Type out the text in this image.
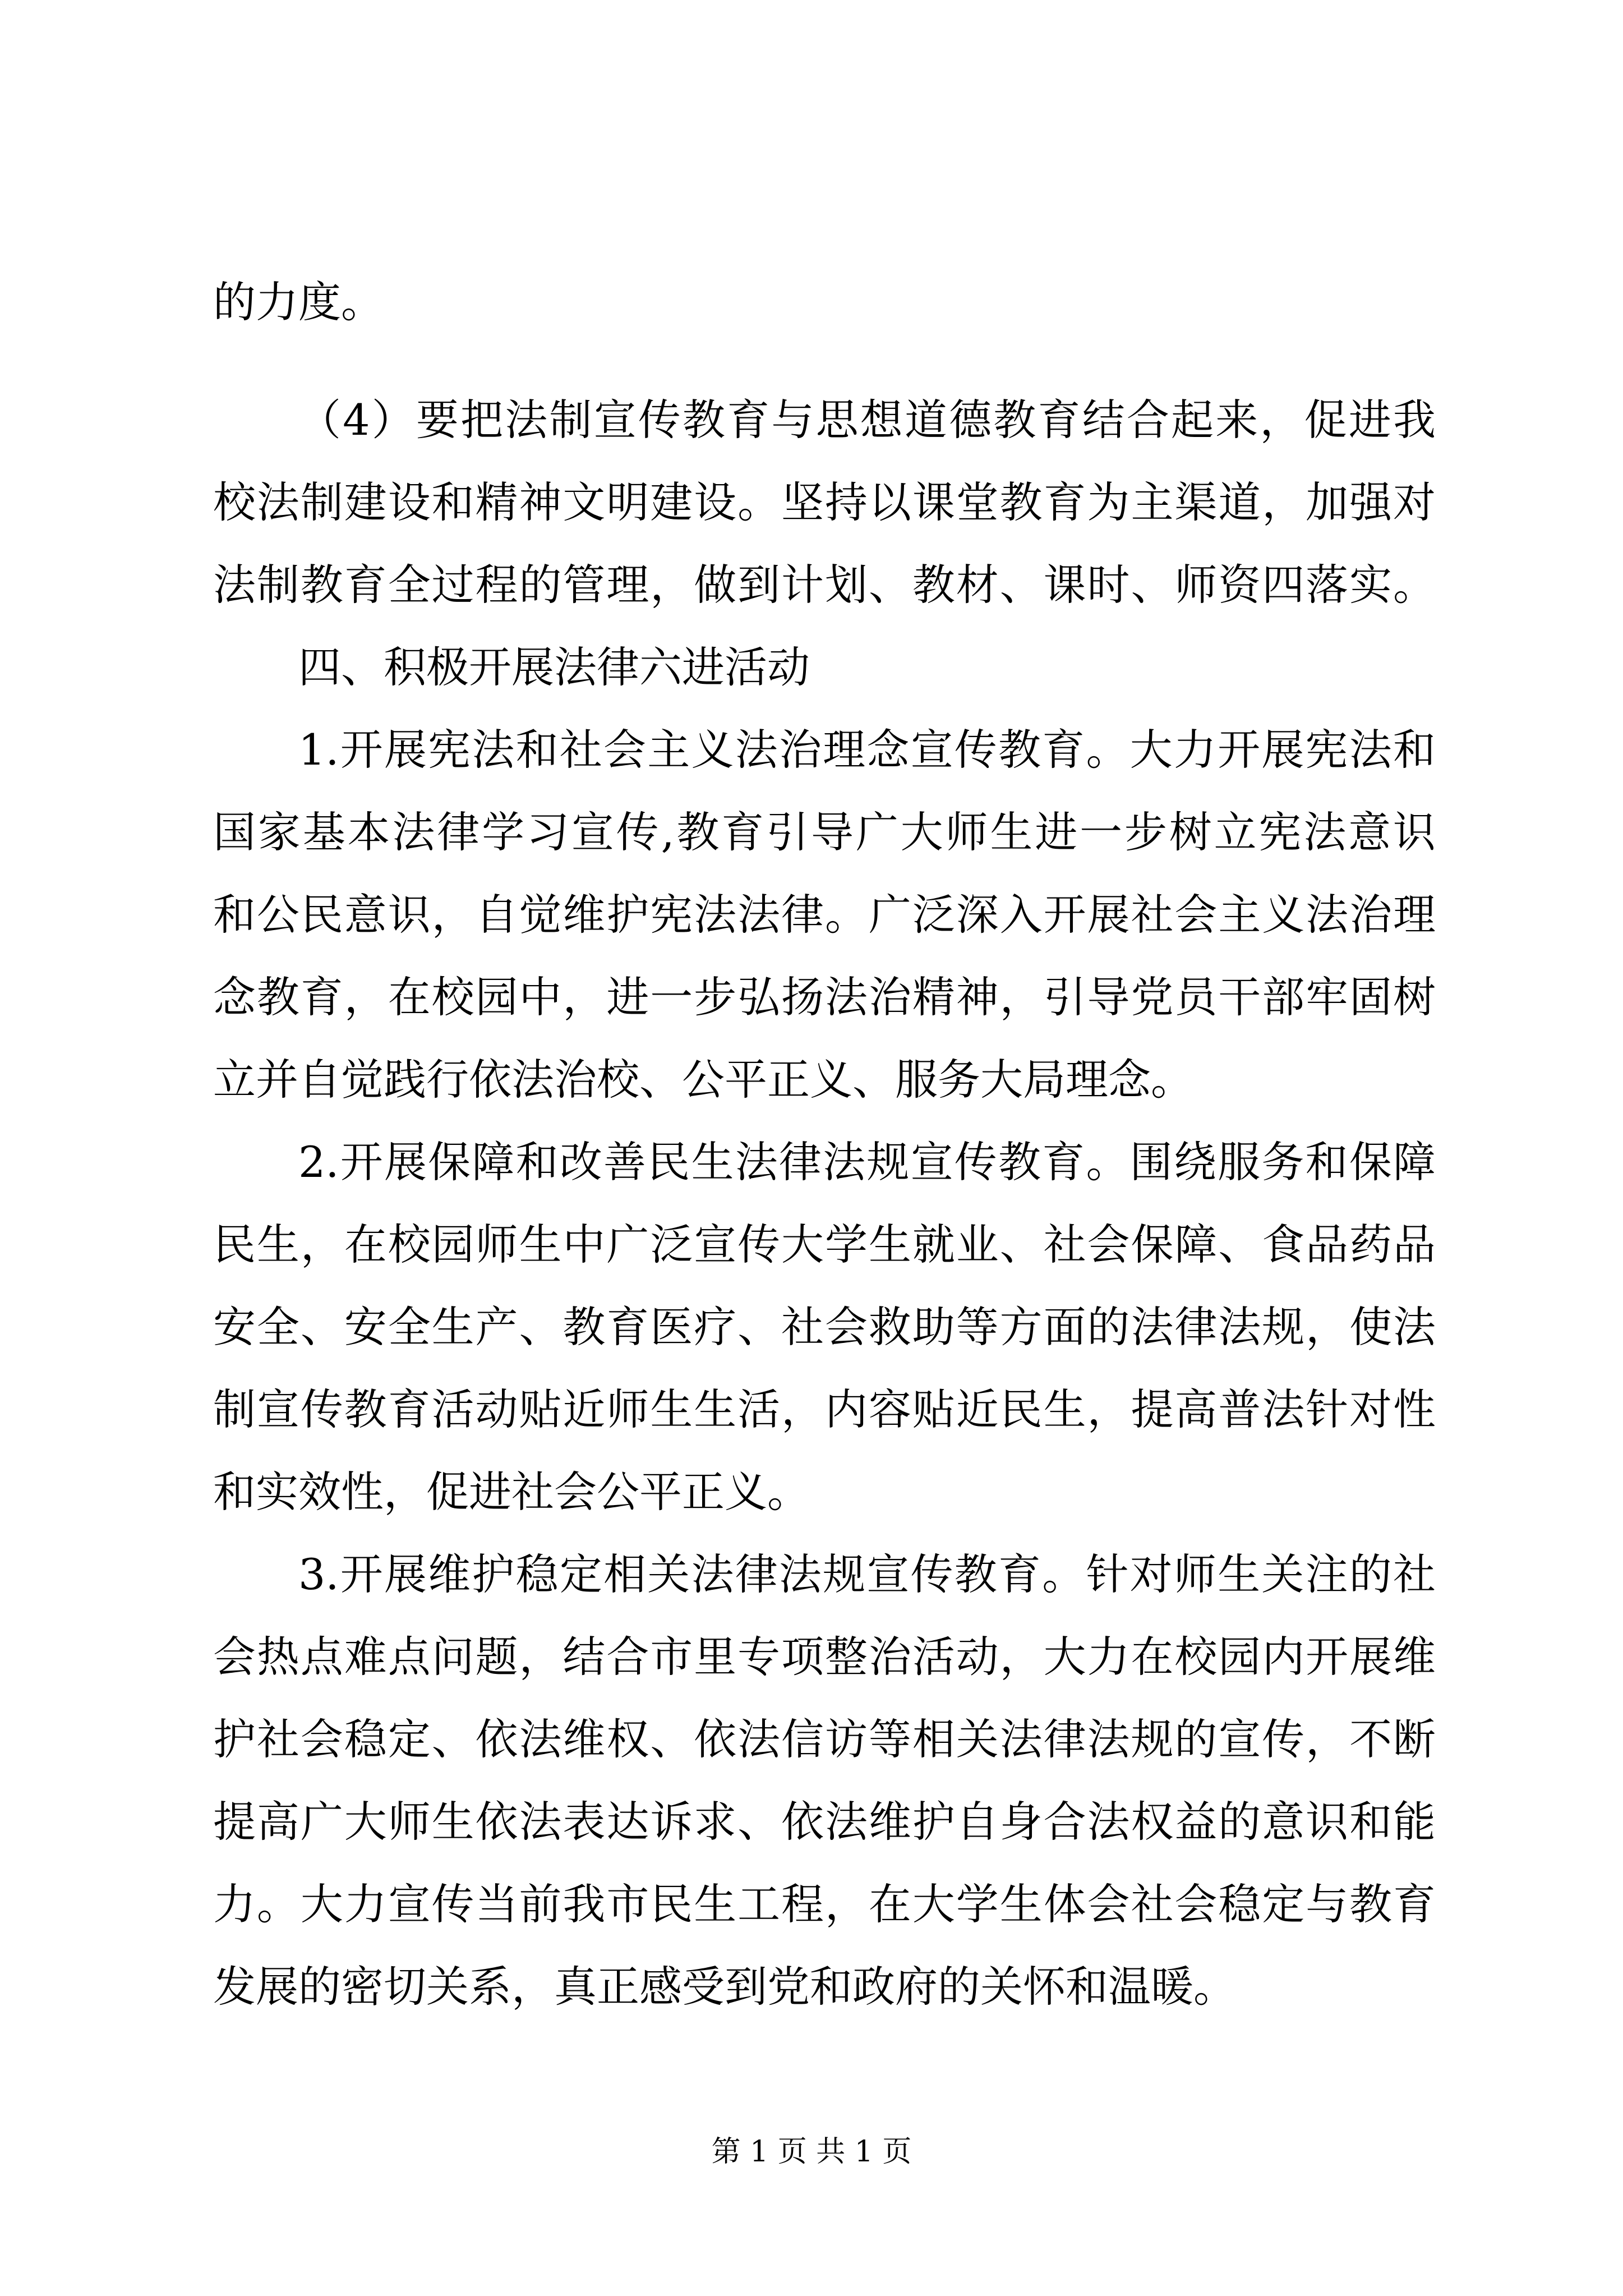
的力度。
（4）要把法制宣传教育与思想道德教育结合起来，促进我
校法制建设和精神文明建设。坚持以课堂教育为主渠道，加强对
法制教育全过程的管理，做到计划、教材、课时、师资四落实。
四、积极开展法律六进活动
1.开展宪法和社会主义法治理念宣传教育。大力开展宪法和
国家基本法律学习宣传,教育引导广大师生进一步树立宪法意识
和公民意识，自觉维护宪法法律。广泛深入开展社会主义法治理
念教育，在校园中，进一步弘扬法治精神，引导党员干部牢固树
立并自觉践行依法治校、公平正义、服务大局理念。
2.开展保障和改善民生法律法规宣传教育。围绕服务和保障
民生，在校园师生中广泛宣传大学生就业、社会保障、食品药品
安全、安全生产、教育医疗、社会救助等方面的法律法规，使法
制宣传教育活动贴近师生生活，内容贴近民生，提高普法针对性
和实效性，促进社会公平正义。
3.开展维护稳定相关法律法规宣传教育。针对师生关注的社
会热点难点问题，结合市里专项整治活动，大力在校园内开展维
护社会稳定、依法维权、依法信访等相关法律法规的宣传，不断
提高广大师生依法表达诉求、依法维护自身合法权益的意识和能
力。大力宣传当前我市民生工程，在大学生体会社会稳定与教育
发展的密切关系，真正感受到党和政府的关怀和温暖。
第 1 页 共 1 页
